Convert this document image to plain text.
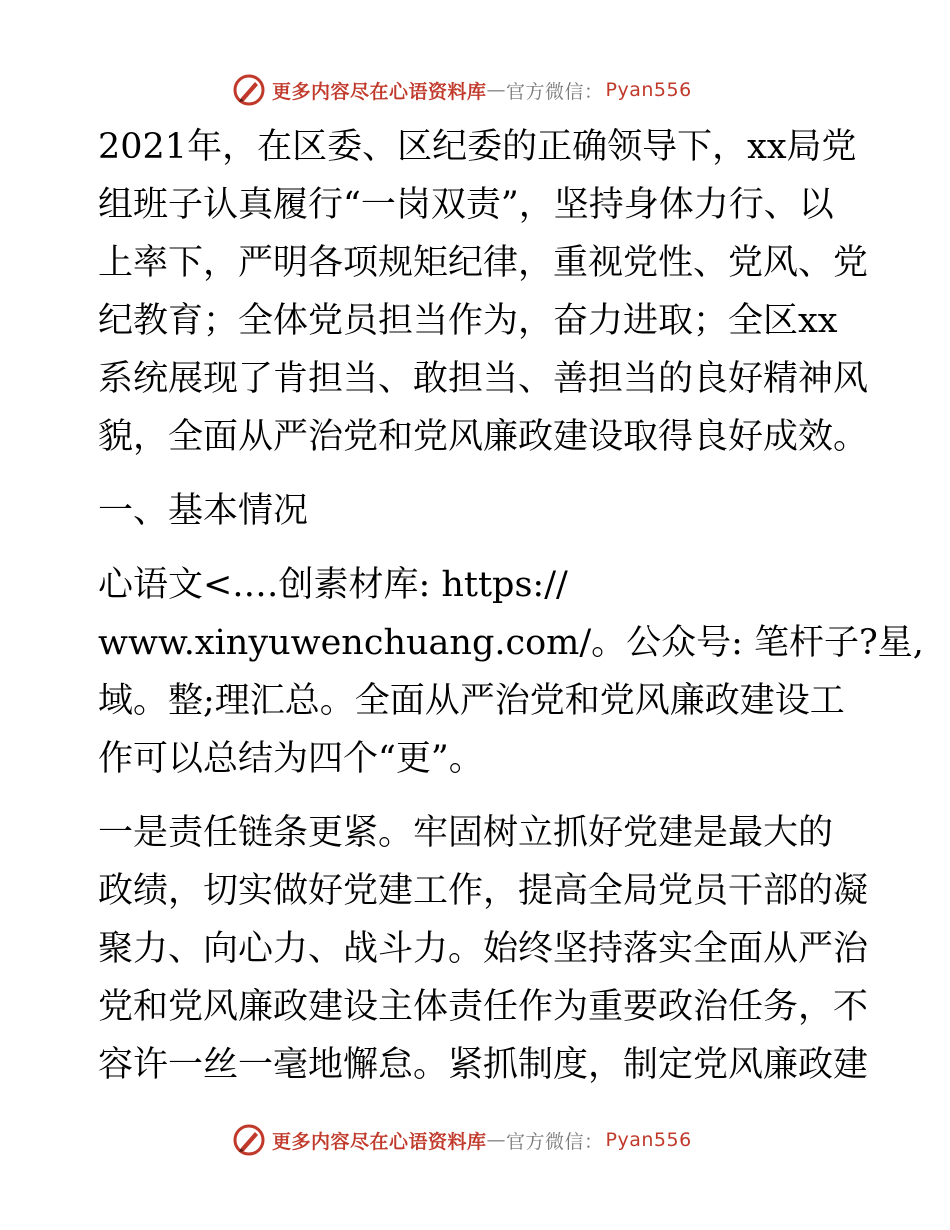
更多内容尽在心语资料库 — 官方微信： Pyan556

2021年，在区委、区纪委的正确领导下，xx局党
组班子认真履行“一岗双责”，坚持身体力行、以
上率下，严明各项规矩纪律，重视党性、党风、党
纪教育；全体党员担当作为，奋力进取；全区xx
系统展现了肯担当、敢担当、善担当的良好精神风
貌，全面从严治党和党风廉政建设取得良好成效。

一、基本情况

心语文<.…创素材库: https://
www.xinyuwenchuang.com/。公众号: 笔杆子?星,
域。整;理汇总。全面从严治党和党风廉政建设工
作可以总结为四个“更”。

一是责任链条更紧。牢固树立抓好党建是最大的
政绩，切实做好党建工作，提高全局党员干部的凝
聚力、向心力、战斗力。始终坚持落实全面从严治
党和党风廉政建设主体责任作为重要政治任务，不
容许一丝一毫地懈怠。紧抓制度，制定党风廉政建

更多内容尽在心语资料库 — 官方微信： Pyan556
